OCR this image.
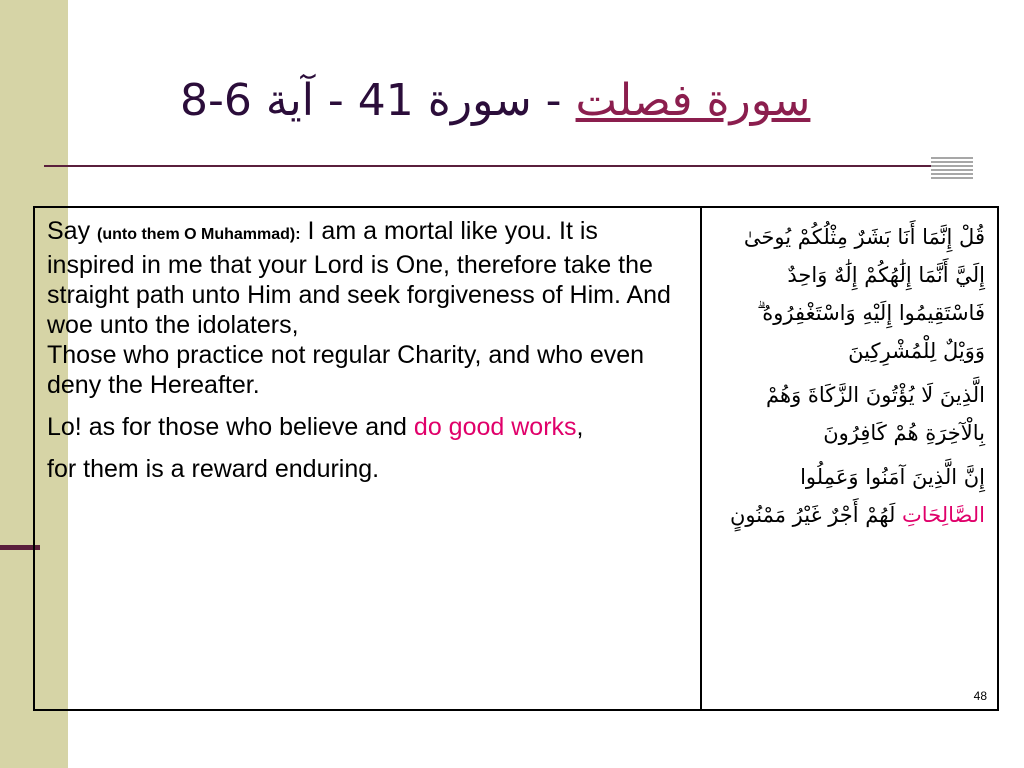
سورة فصلت - سورة 41 - آية 6-8

Say (unto them O Muhammad): I am a mortal like you. It is inspired in me that your Lord is One, therefore take the straight path unto Him and seek forgiveness of Him. And woe unto the idolaters,

Those who practice not regular Charity, and who even deny the Hereafter.

Lo! as for those who believe and do good works,

for them is a reward enduring.

قُلْ إِنَّمَا أَنَا بَشَرٌ مِثْلُكُمْ يُوحَىٰ إِلَيَّ أَنَّمَا إِلَٰهُكُمْ إِلَٰهٌ وَاحِدٌ فَاسْتَقِيمُوا إِلَيْهِ وَاسْتَغْفِرُوهُ ۗ وَوَيْلٌ لِلْمُشْرِكِينَ

الَّذِينَ لَا يُؤْتُونَ الزَّكَاةَ وَهُمْ بِالْآخِرَةِ هُمْ كَافِرُونَ

إِنَّ الَّذِينَ آمَنُوا وَعَمِلُوا الصَّالِحَاتِ لَهُمْ أَجْرٌ غَيْرُ مَمْنُونٍ

48
